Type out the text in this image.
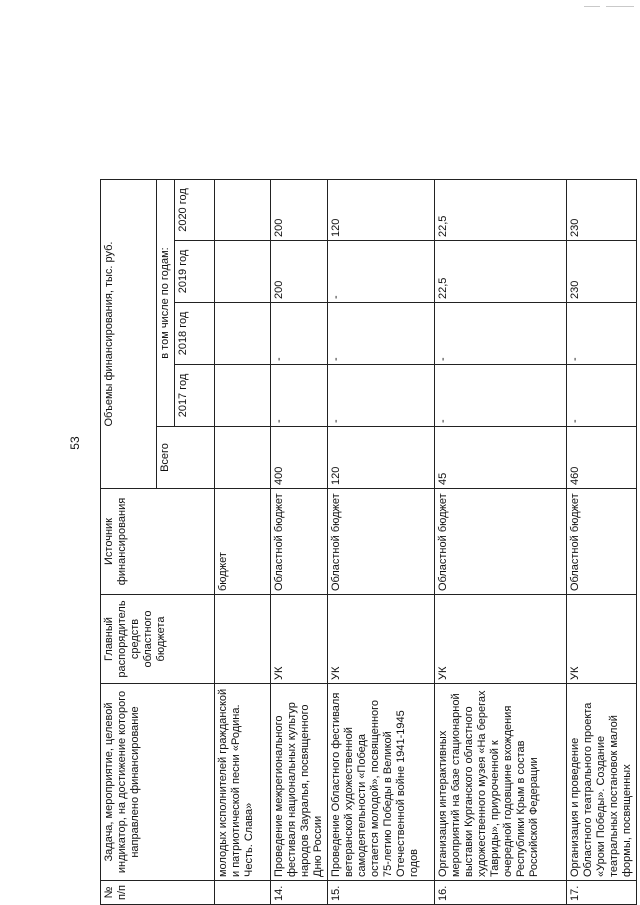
53
№ п/п	Задача, мероприятие, целевой индикатор, на достижение которого направлено финансирование	Главный распорядитель средств областного бюджета	Источник финансирования	Объемы финансирования, тыс. руб.				
				Всего	в том числе по годам:			
					2017 год	2018 год	2019 год	2020 год
	молодых исполнителей гражданской и патриотической песни «Родина. Честь. Слава»		бюджет					
14.	Проведение межрегионального фестиваля национальных культур народов Зауралья, посвященного Дню России	УК	Областной бюджет	400	-	-	200	200
15.	Проведение Областного фестиваля ветеранской художественной самодеятельности «Победа остается молодой», посвященного 75-летию Победы в Великой Отечественной войне 1941-1945 годов	УК	Областной бюджет	120	-	-	-	120
16.	Организация интерактивных мероприятий на базе стационарной выставки Курганского областного художественного музея «На берегах Тавриды», приуроченной к очередной годовщине вхождения Республики Крым в состав Российской Федерации	УК	Областной бюджет	45	-	-	22,5	22,5
17.	Организация и проведение Областного театрального проекта «Уроки Победы». Создание театральных постановок малой формы, посвященных	УК	Областной бюджет	460	-	-	230	230
